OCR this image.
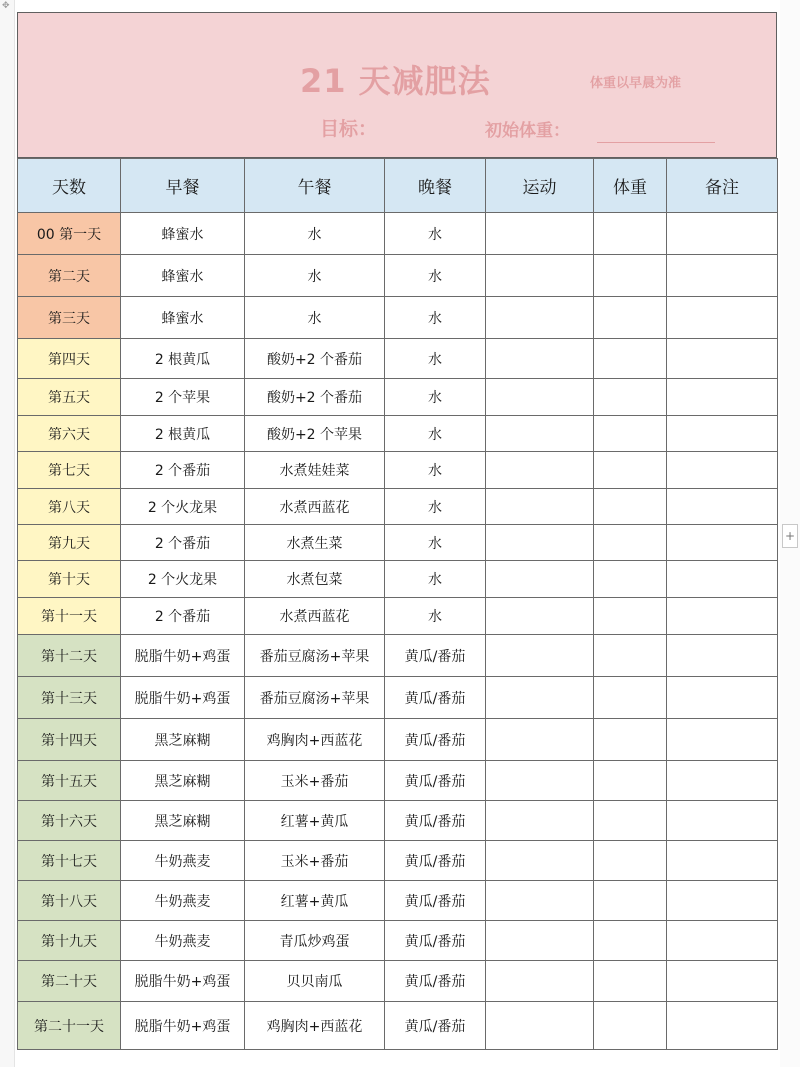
✥
+
21 天减肥法	体重以早晨为准
目标：	初始体重：
天数	早餐	午餐	晚餐	运动	体重	备注
00 第一天	蜂蜜水	水	水			
第二天	蜂蜜水	水	水			
第三天	蜂蜜水	水	水			
第四天	2 根黄瓜	酸奶+2 个番茄	水			
第五天	2 个苹果	酸奶+2 个番茄	水			
第六天	2 根黄瓜	酸奶+2 个苹果	水			
第七天	2 个番茄	水煮娃娃菜	水			
第八天	2 个火龙果	水煮西蓝花	水			
第九天	2 个番茄	水煮生菜	水			
第十天	2 个火龙果	水煮包菜	水			
第十一天	2 个番茄	水煮西蓝花	水			
第十二天	脱脂牛奶+鸡蛋	番茄豆腐汤+苹果	黄瓜/番茄			
第十三天	脱脂牛奶+鸡蛋	番茄豆腐汤+苹果	黄瓜/番茄			
第十四天	黑芝麻糊	鸡胸肉+西蓝花	黄瓜/番茄			
第十五天	黑芝麻糊	玉米+番茄	黄瓜/番茄			
第十六天	黑芝麻糊	红薯+黄瓜	黄瓜/番茄			
第十七天	牛奶燕麦	玉米+番茄	黄瓜/番茄			
第十八天	牛奶燕麦	红薯+黄瓜	黄瓜/番茄			
第十九天	牛奶燕麦	青瓜炒鸡蛋	黄瓜/番茄			
第二十天	脱脂牛奶+鸡蛋	贝贝南瓜	黄瓜/番茄			
第二十一天	脱脂牛奶+鸡蛋	鸡胸肉+西蓝花	黄瓜/番茄			
